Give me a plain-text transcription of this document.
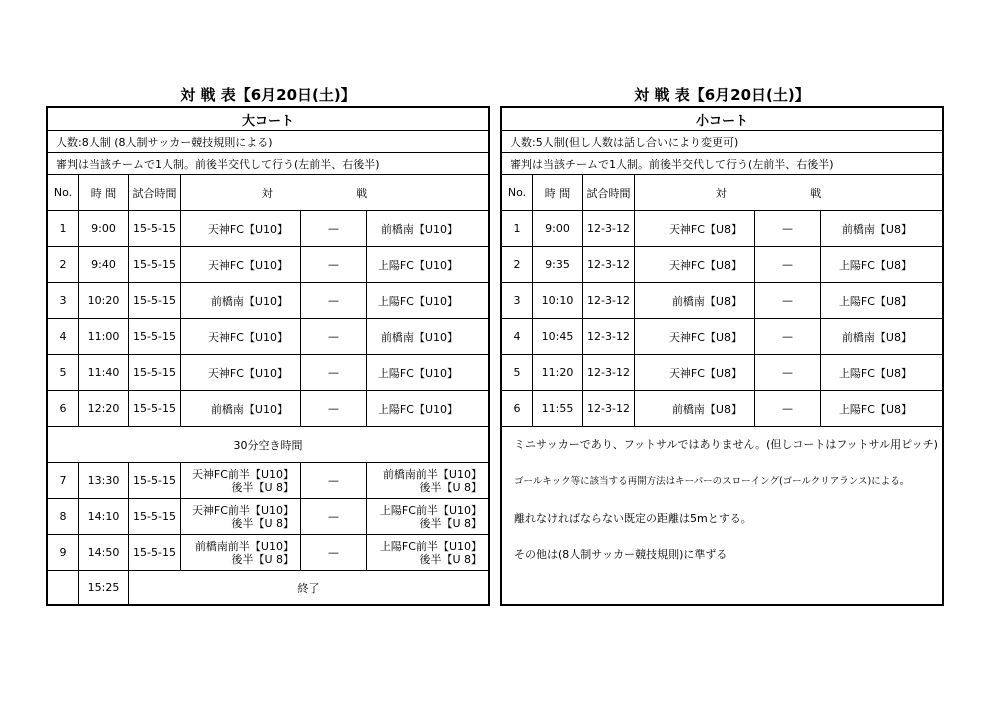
対 戦 表【6月20日(土)】	対 戦 表【6月20日(土)】
大コート
人数:8人制 (8人制サッカー競技規則による)
審判は当該チームで1人制。前後半交代して行う(左前半、右後半)
No.	時 間	試合時間	対 戦
1	9:00	15-5-15	天神FC【U10】	—	前橋南【U10】
2	9:40	15-5-15	天神FC【U10】	—	上陽FC【U10】
3	10:20	15-5-15	前橋南【U10】	—	上陽FC【U10】
4	11:00	15-5-15	天神FC【U10】	—	前橋南【U10】
5	11:40	15-5-15	天神FC【U10】	—	上陽FC【U10】
6	12:20	15-5-15	前橋南【U10】	—	上陽FC【U10】
30分空き時間
7	13:30	15-5-15	天神FC前半【U10】
後半【U 8】	—	前橋南前半【U10】
後半【U 8】
8	14:10	15-5-15	天神FC前半【U10】
後半【U 8】	—	上陽FC前半【U10】
後半【U 8】
9	14:50	15-5-15	前橋南前半【U10】
後半【U 8】	—	上陽FC前半【U10】
後半【U 8】
15:25	終了
小コート
人数:5人制(但し人数は話し合いにより変更可)
審判は当該チームで1人制。前後半交代して行う(左前半、右後半)
No.	時 間	試合時間	対 戦
1	9:00	12-3-12	天神FC【U8】	—	前橋南【U8】
2	9:35	12-3-12	天神FC【U8】	—	上陽FC【U8】
3	10:10	12-3-12	前橋南【U8】	—	上陽FC【U8】
4	10:45	12-3-12	天神FC【U8】	—	前橋南【U8】
5	11:20	12-3-12	天神FC【U8】	—	上陽FC【U8】
6	11:55	12-3-12	前橋南【U8】	—	上陽FC【U8】
ミニサッカーであり、フットサルではありません。(但しコートはフットサル用ピッチ)
ゴールキック等に該当する再開方法はキーパーのスローイング(ゴールクリアランス)による。
離れなければならない既定の距離は5mとする。
その他は(8人制サッカー競技規則)に準ずる
